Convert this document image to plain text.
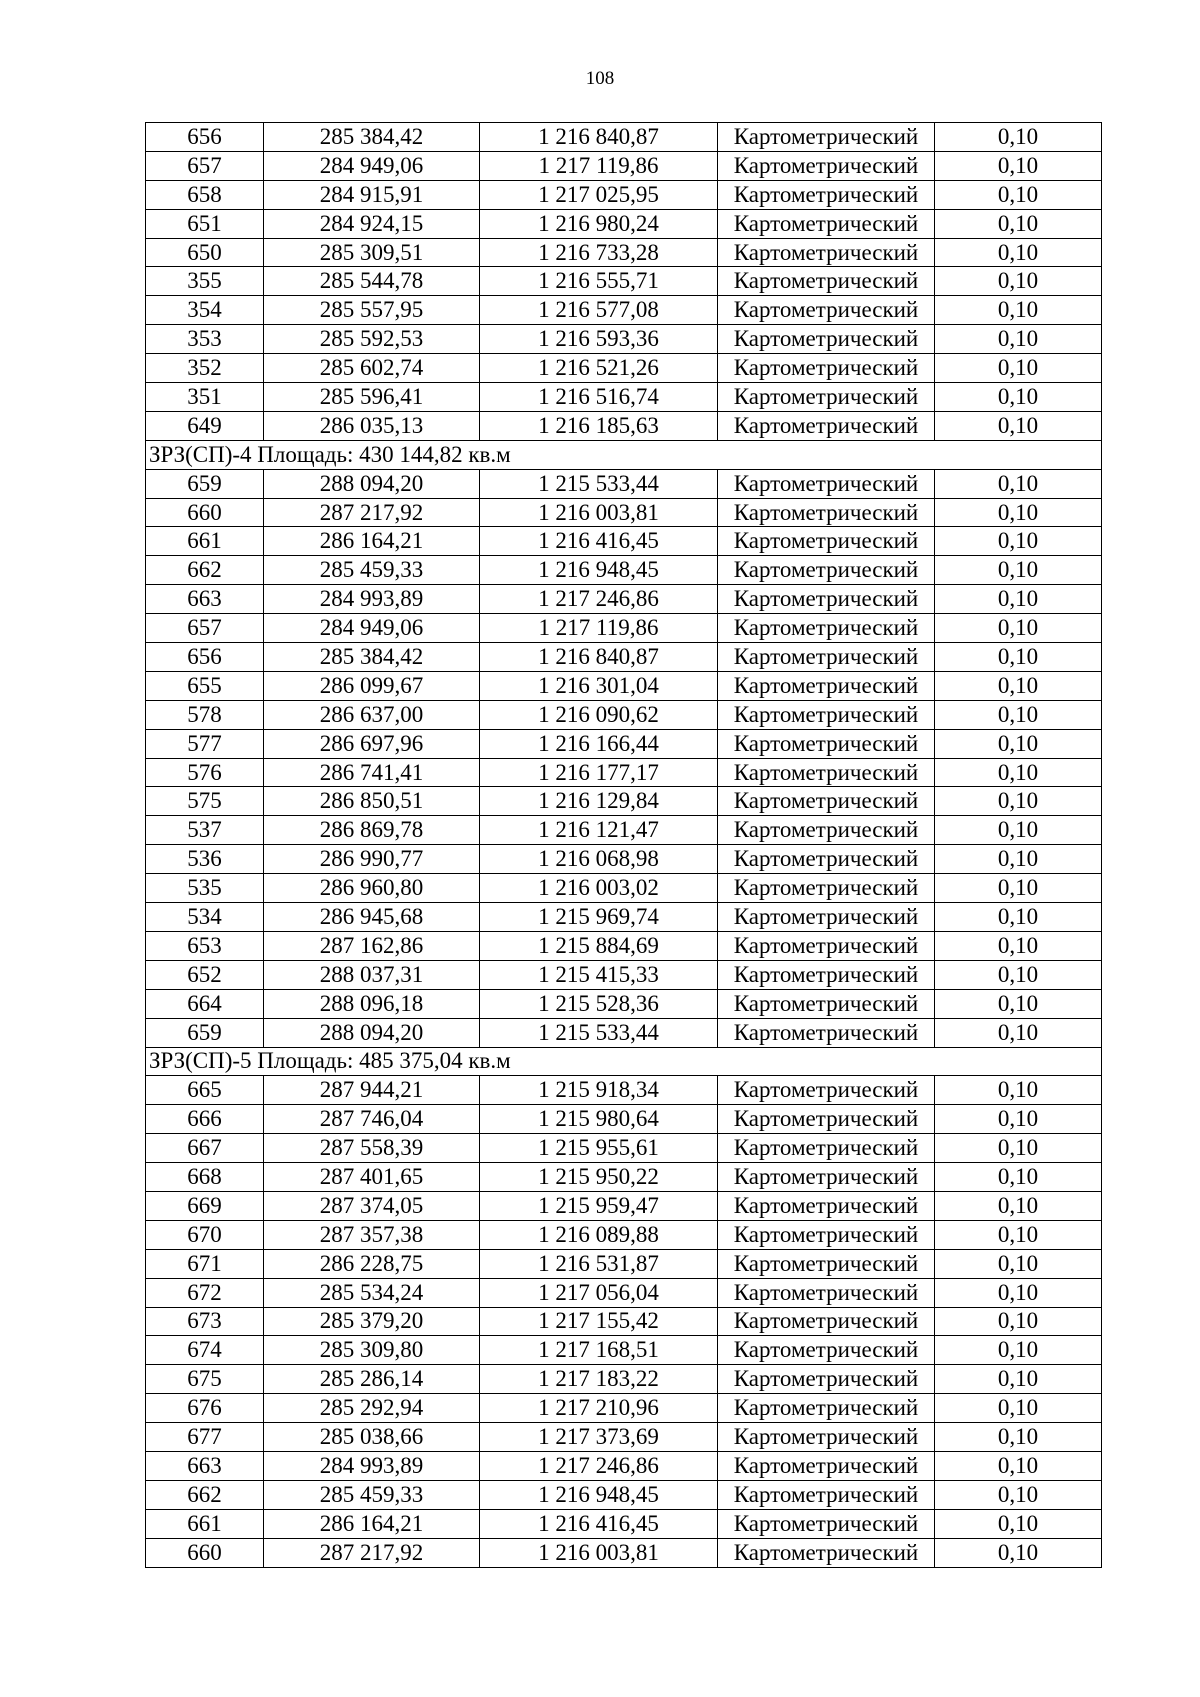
108
656	285 384,42	1 216 840,87	Картометрический	0,10
657	284 949,06	1 217 119,86	Картометрический	0,10
658	284 915,91	1 217 025,95	Картометрический	0,10
651	284 924,15	1 216 980,24	Картометрический	0,10
650	285 309,51	1 216 733,28	Картометрический	0,10
355	285 544,78	1 216 555,71	Картометрический	0,10
354	285 557,95	1 216 577,08	Картометрический	0,10
353	285 592,53	1 216 593,36	Картометрический	0,10
352	285 602,74	1 216 521,26	Картометрический	0,10
351	285 596,41	1 216 516,74	Картометрический	0,10
649	286 035,13	1 216 185,63	Картометрический	0,10
ЗРЗ(СП)-4 Площадь: 430 144,82 кв.м				
659	288 094,20	1 215 533,44	Картометрический	0,10
660	287 217,92	1 216 003,81	Картометрический	0,10
661	286 164,21	1 216 416,45	Картометрический	0,10
662	285 459,33	1 216 948,45	Картометрический	0,10
663	284 993,89	1 217 246,86	Картометрический	0,10
657	284 949,06	1 217 119,86	Картометрический	0,10
656	285 384,42	1 216 840,87	Картометрический	0,10
655	286 099,67	1 216 301,04	Картометрический	0,10
578	286 637,00	1 216 090,62	Картометрический	0,10
577	286 697,96	1 216 166,44	Картометрический	0,10
576	286 741,41	1 216 177,17	Картометрический	0,10
575	286 850,51	1 216 129,84	Картометрический	0,10
537	286 869,78	1 216 121,47	Картометрический	0,10
536	286 990,77	1 216 068,98	Картометрический	0,10
535	286 960,80	1 216 003,02	Картометрический	0,10
534	286 945,68	1 215 969,74	Картометрический	0,10
653	287 162,86	1 215 884,69	Картометрический	0,10
652	288 037,31	1 215 415,33	Картометрический	0,10
664	288 096,18	1 215 528,36	Картометрический	0,10
659	288 094,20	1 215 533,44	Картометрический	0,10
ЗРЗ(СП)-5 Площадь: 485 375,04 кв.м				
665	287 944,21	1 215 918,34	Картометрический	0,10
666	287 746,04	1 215 980,64	Картометрический	0,10
667	287 558,39	1 215 955,61	Картометрический	0,10
668	287 401,65	1 215 950,22	Картометрический	0,10
669	287 374,05	1 215 959,47	Картометрический	0,10
670	287 357,38	1 216 089,88	Картометрический	0,10
671	286 228,75	1 216 531,87	Картометрический	0,10
672	285 534,24	1 217 056,04	Картометрический	0,10
673	285 379,20	1 217 155,42	Картометрический	0,10
674	285 309,80	1 217 168,51	Картометрический	0,10
675	285 286,14	1 217 183,22	Картометрический	0,10
676	285 292,94	1 217 210,96	Картометрический	0,10
677	285 038,66	1 217 373,69	Картометрический	0,10
663	284 993,89	1 217 246,86	Картометрический	0,10
662	285 459,33	1 216 948,45	Картометрический	0,10
661	286 164,21	1 216 416,45	Картометрический	0,10
660	287 217,92	1 216 003,81	Картометрический	0,10
